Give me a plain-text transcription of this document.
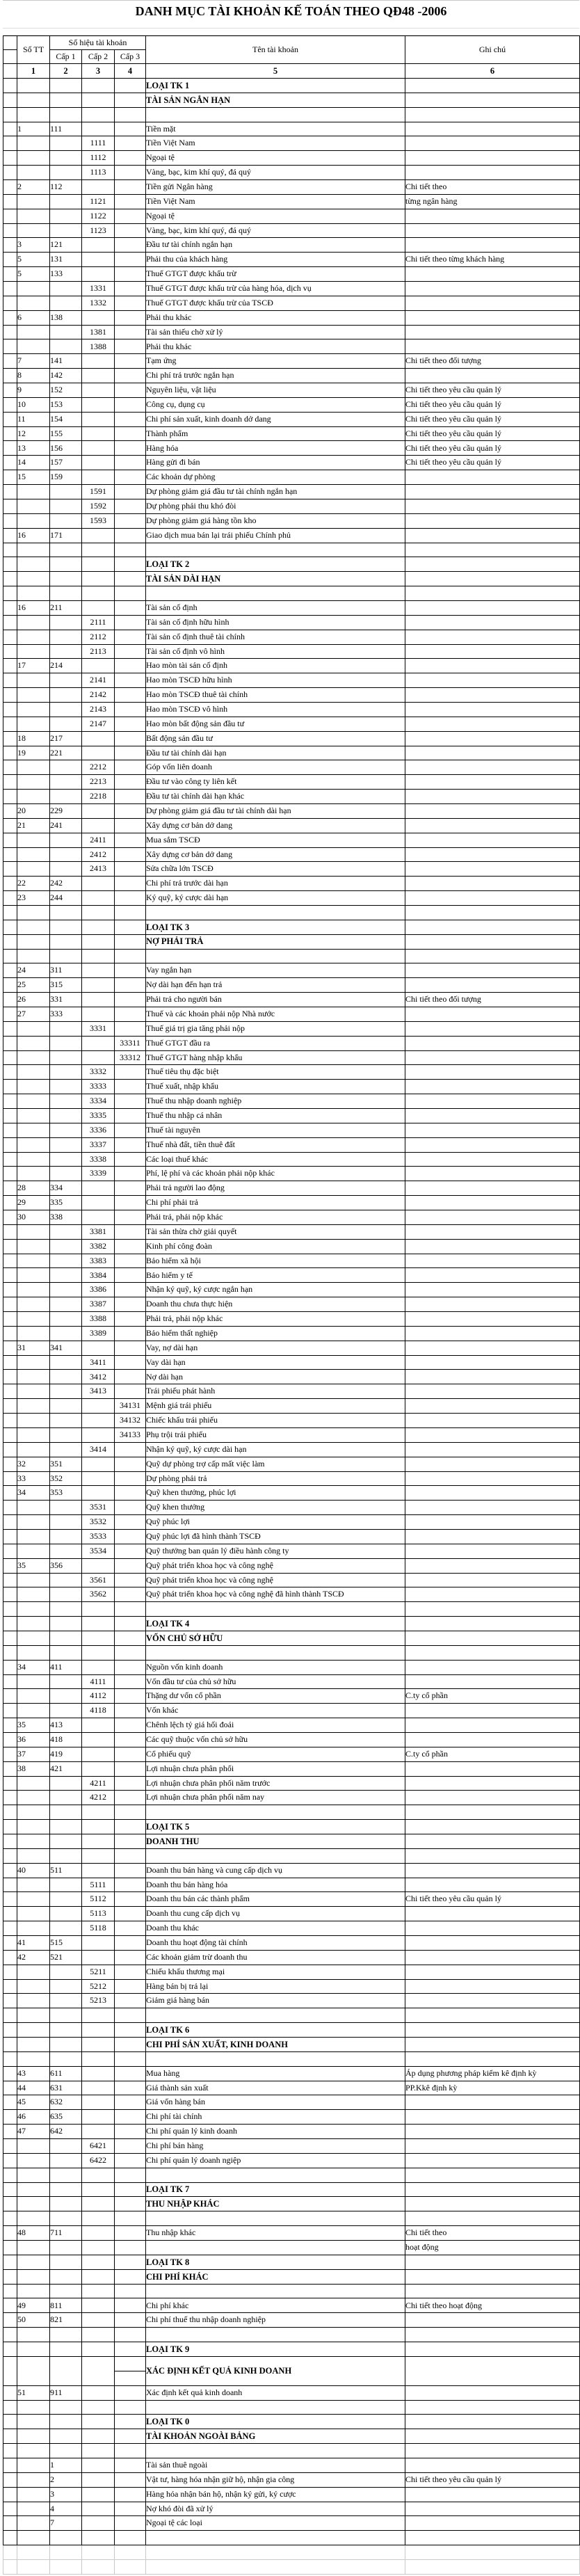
DANH MỤC TÀI KHOẢN KẾ TOÁN THEO QĐ48 -2006
	Số TT	Số hiệu tài khoản			Tên tài khoản	Ghi chú
		Cấp 1	Cấp 2	Cấp 3		
	1	2	3	4	5	6
					LOẠI TK 1	
					TÀI SẢN NGẮN HẠN	

	1	111			Tiền mặt	
			1111		Tiền Việt Nam	
			1112		Ngoại tệ	
			1113		Vàng, bạc, kim khí quý, đá quý	
	2	112			Tiền gửi Ngân hàng	Chi tiết theo
			1121		Tiền Việt Nam	từng ngân hàng
			1122		Ngoại tệ	
			1123		Vàng, bạc, kim khí quý, đá quý	
	3	121			Đầu tư tài chính ngắn hạn	
	5	131			Phải thu của khách hàng	Chi tiết theo từng khách hàng
	5	133			Thuế GTGT được khấu trừ	
			1331		Thuế GTGT được khấu trừ của hàng hóa, dịch vụ	
			1332		Thuế GTGT được khấu trừ của TSCĐ	
	6	138			Phải thu khác	
			1381		Tài sản thiếu chờ xử lý	
			1388		Phải thu khác	
	7	141			Tạm ứng	Chi tiết theo đối tượng
	8	142			Chi phí trả trước ngắn hạn	
	9	152			Nguyên liệu, vật liệu	Chi tiết theo yêu cầu quản lý
	10	153			Công cụ, dụng cụ	Chi tiết theo yêu cầu quản lý
	11	154			Chi phí sản xuất, kinh doanh dở dang	Chi tiết theo yêu cầu quản lý
	12	155			Thành phẩm	Chi tiết theo yêu cầu quản lý
	13	156			Hàng hóa	Chi tiết theo yêu cầu quản lý
	14	157			Hàng gửi đi bán	Chi tiết theo yêu cầu quản lý
	15	159			Các khoản dự phòng	
			1591		Dự phòng giảm giá đầu tư tài chính ngắn hạn	
			1592		Dự phòng phải thu khó đòi	
			1593		Dự phòng giảm giá hàng tồn kho	
	16	171			Giao dịch mua bán lại trái phiếu Chính phủ	

					LOẠI TK 2	
					TÀI SẢN DÀI HẠN	

	16	211			Tài sản cố định	
			2111		Tài sản cố định hữu hình	
			2112		Tài sản cố định thuê tài chính	
			2113		Tài sản cố định vô hình	
	17	214			Hao mòn tài sản cố định	
			2141		Hao mòn TSCĐ hữu hình	
			2142		Hao mòn TSCĐ thuê tài chính	
			2143		Hao mòn TSCĐ vô hình	
			2147		Hao mòn bất động sản đầu tư	
	18	217			Bất động sản đầu tư	
	19	221			Đầu tư tài chính dài hạn	
			2212		Góp vốn liên doanh	
			2213		Đầu tư vào công ty liên kết	
			2218		Đầu tư tài chính dài hạn khác	
	20	229			Dự phòng giảm giá đầu tư tài chính dài hạn	
	21	241			Xây dựng cơ bản dở dang	
			2411		Mua sắm TSCĐ	
			2412		Xây dựng cơ bản dở dang	
			2413		Sửa chữa lớn TSCĐ	
	22	242			Chi phí trả trước dài hạn	
	23	244			Ký quỹ, ký cược dài hạn	

					LOẠI TK 3	
					NỢ PHẢI TRẢ	

	24	311			Vay ngắn hạn	
	25	315			Nợ dài hạn đến hạn trả	
	26	331			Phải trả cho người bán	Chi tiết theo đối tượng
	27	333			Thuế và các khoản phải nộp Nhà nước	
			3331		Thuế giá trị gia tăng phải nộp	
				33311	Thuế GTGT đầu ra	
				33312	Thuế GTGT hàng nhập khẩu	
			3332		Thuế tiêu thụ đặc biệt	
			3333		Thuế xuất, nhập khẩu	
			3334		Thuế thu nhập doanh nghiệp	
			3335		Thuế thu nhập cá nhân	
			3336		Thuế tài nguyên	
			3337		Thuế nhà đất, tiền thuê đất	
			3338		Các loại thuế khác	
			3339		Phí, lệ phí và các khoản phải nộp khác	
	28	334			Phải trả người lao động	
	29	335			Chi phí phải trả	
	30	338			Phải trả, phải nộp khác	
			3381		Tài sản thừa chờ giải quyết	
			3382		Kinh phí công đoàn	
			3383		Bảo hiểm xã hội	
			3384		Bảo hiểm y tế	
			3386		Nhận ký quỹ, ký cược ngắn hạn	
			3387		Doanh thu chưa thực hiện	
			3388		Phải trả, phải nộp khác	
			3389		Bảo hiểm thất nghiệp	
	31	341			Vay, nợ dài hạn	
			3411		Vay dài hạn	
			3412		Nợ dài hạn	
			3413		Trái phiếu phát hành	
				34131	Mệnh giá trái phiếu	
				34132	Chiếc khấu trái phiếu	
				34133	Phụ trội trái phiếu	
			3414		Nhận ký quỹ, ký cược dài hạn	
	32	351			Quỹ dự phòng trợ cấp mất việc làm	
	33	352			Dự phòng phải trả	
	34	353			Quỹ khen thưởng, phúc lợi	
			3531		Quỹ khen thưởng	
			3532		Quỹ phúc lợi	
			3533		Quỹ phúc lợi đã hình thành TSCĐ	
			3534		Quỹ thưởng ban quản lý điều hành công ty	
	35	356			Quỹ phát triển khoa học và công nghệ	
			3561		Quỹ phát triển khoa học và công nghệ	
			3562		Quỹ phát triển khoa học và công nghệ đã hình thành TSCĐ	

					LOẠI TK 4	
					VỐN CHỦ SỞ HỮU	

	34	411			Nguồn vốn kinh doanh	
			4111		Vốn đầu tư của chủ sở hữu	
			4112		Thặng dư vốn cổ phần	C.ty cổ phần
			4118		Vốn khác	
	35	413			Chênh lệch tỷ giá hối đoái	
	36	418			Các quỹ thuộc vốn chủ sở hữu	
	37	419			Cổ phiếu quỹ	C.ty cổ phần
	38	421			Lợi nhuận chưa phân phối	
			4211		Lợi nhuận chưa phân phối năm trước	
			4212		Lợi nhuận chưa phân phối năm nay	

					LOẠI TK 5	
					DOANH THU	

	40	511			Doanh thu bán hàng và cung cấp dịch vụ	
			5111		Doanh thu bán hàng hóa	
			5112		Doanh thu bán các thành phẩm	Chi tiết theo yêu cầu quản lý
			5113		Doanh thu cung cấp dịch vụ	
			5118		Doanh thu khác	
	41	515			Doanh thu hoạt động tài chính	
	42	521			Các khoản giảm trừ doanh thu	
			5211		Chiếu khấu thương mại	
			5212		Hàng bán bị trả lại	
			5213		Giảm giá hàng bán	

					LOẠI TK 6	
					CHI PHÍ SẢN XUẤT, KINH DOANH	

	43	611			Mua hàng	Áp dụng phương pháp kiểm kê định kỳ
	44	631			Giá thành sản xuất	PP.Kkê định kỳ
	45	632			Giá vốn hàng bán	
	46	635			Chi phí tài chính	
	47	642			Chi phí quản lý kinh doanh	
			6421		Chi phí bán hàng	
			6422		Chi phí quản lý doanh ngiệp	

					LOẠI TK 7	
					THU NHẬP KHÁC	

	48	711			Thu nhập khác	Chi tiết theo
						hoạt động
					LOẠI TK 8	
					CHI PHÍ KHÁC	

	49	811			Chi phí khác	Chi tiết theo hoạt động
	50	821			Chi phí thuế thu nhập doanh nghiệp	

					LOẠI TK 9	
					XÁC ĐỊNH KẾT QUẢ KINH DOANH	

	51	911			Xác định kết quả kinh doanh	

					LOẠI TK 0	
					TÀI KHOẢN NGOÀI BẢNG	

		1			Tài sản thuê ngoài	
		2			Vật tư, hàng hóa nhận giữ hộ, nhận gia công	Chi tiết theo yêu cầu quản lý
		3			Hàng hóa nhận bán hộ, nhận ký gửi, ký cược	
		4			Nợ khó đòi đã xử lý	
		7			Ngoại tệ các loại	
